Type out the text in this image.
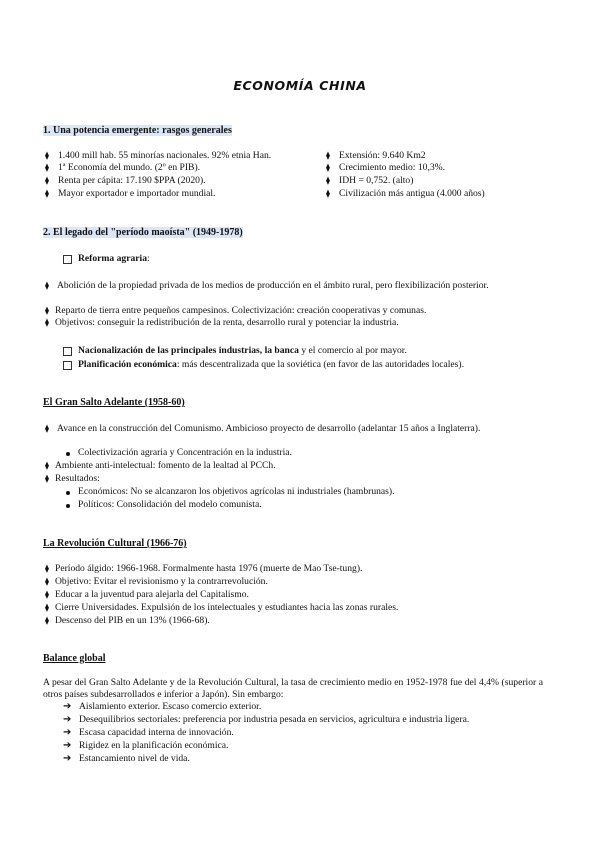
ECONOMÍA CHINA
1. Una potencia emergente: rasgos generales
⧫ 1.400 mill hab. 55 minorías nacionales. 92% etnia Han.
⧫ 1ª Economía del mundo. (2º en PIB).
⧫ Renta per cápita: 17.190 $PPA (2020).
⧫ Mayor exportador e importador mundial.
⧫ Extensión: 9.640 Km2
⧫ Crecimiento medio: 10,3%.
⧫ IDH = 0,752. (alto)
⧫ Civilización más antigua (4.000 años)
2. El legado del "período maoísta" (1949-1978)
Reforma agraria:
⧫ Abolición de la propiedad privada de los medios de producción en el ámbito rural, pero flexibilización posterior.
⧫ Reparto de tierra entre pequeños campesinos. Colectivización: creación cooperativas y comunas.
⧫ Objetivos: conseguir la redistribución de la renta, desarrollo rural y potenciar la industria.
Nacionalización de las principales industrias, la banca y el comercio al por mayor.
Planificación económica: más descentralizada que la soviética (en favor de las autoridades locales).
El Gran Salto Adelante (1958-60)
⧫ Avance en la construcción del Comunismo. Ambicioso proyecto de desarrollo (adelantar 15 años a Inglaterra).
Colectivización agraria y Concentración en la industria.
⧫ Ambiente anti-intelectual: fomento de la lealtad al PCCh.
⧫ Resultados:
Económicos: No se alcanzaron los objetivos agrícolas ni industriales (hambrunas).
Políticos: Consolidación del modelo comunista.
La Revolución Cultural (1966-76)
⧫ Período álgido: 1966-1968. Formalmente hasta 1976 (muerte de Mao Tse-tung).
⧫ Objetivo: Evitar el revisionismo y la contrarrevolución.
⧫ Educar a la juventud para alejarla del Capitalismo.
⧫ Cierre Universidades. Expulsión de los intelectuales y estudiantes hacia las zonas rurales.
⧫ Descenso del PIB en un 13% (1966-68).
Balance global
A pesar del Gran Salto Adelante y de la Revolución Cultural, la tasa de crecimiento medio en 1952-1978 fue del 4,4% (superior a otros países subdesarrollados e inferior a Japón). Sin embargo:
➔ Aislamiento exterior. Escaso comercio exterior.
➔ Desequilibrios sectoriales: preferencia por industria pesada en servicios, agricultura e industria ligera.
➔ Escasa capacidad interna de innovación.
➔ Rigidez en la planificación económica.
➔ Estancamiento nivel de vida.
